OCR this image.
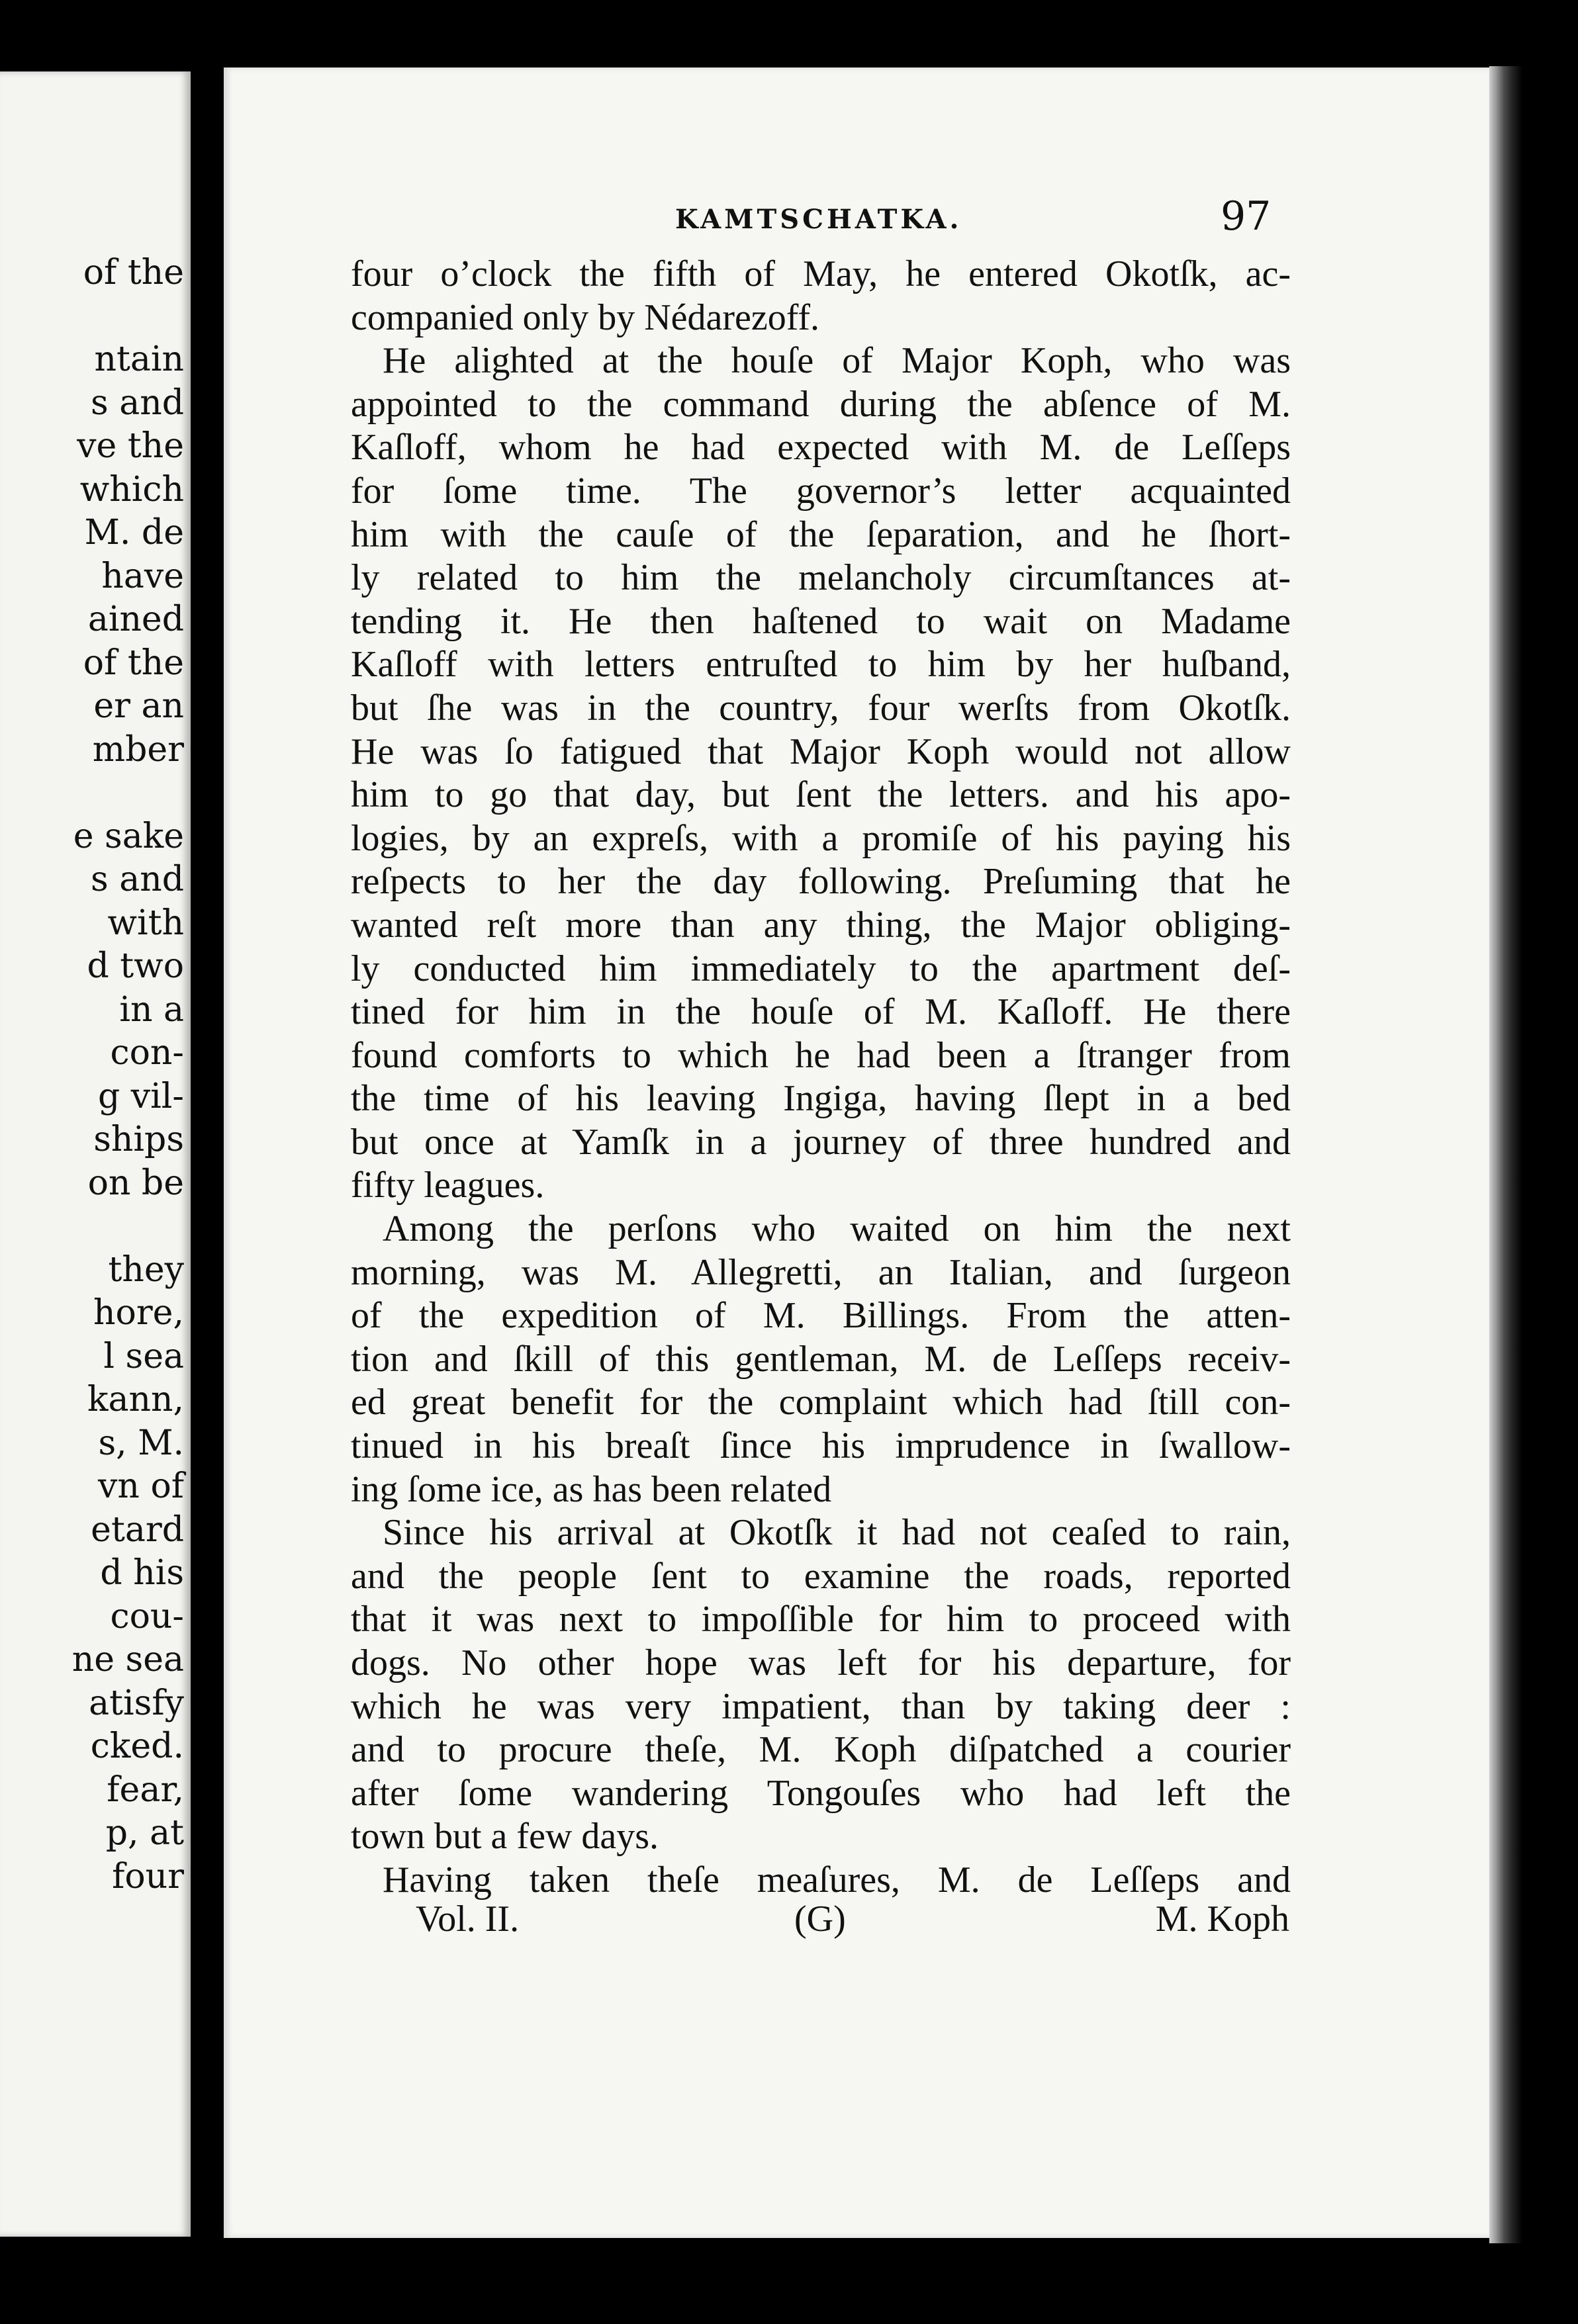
of the
ntain
s and
ve the
which
M. de
have
ained
of the
er an
mber
e sake
s and
with
d two
in a
con-
g vil-
ships
on be
they
hore,
l sea
kann,
s, M.
vn of
etard
d his
cou-
ne sea
atisfy
cked.
fear,
p, at
four
KAMTSCHATKA.	97
four o’clock the fifth of May, he entered Okotſk, ac-
companied only by Nédarezoff.
He alighted at the houſe of Major Koph, who was
appointed to the command during the abſence of M.
Kaſloff, whom he had expected with M. de Leſſeps
for ſome time. The governor’s letter acquainted
him with the cauſe of the ſeparation, and he ſhort-
ly related to him the melancholy circumſtances at-
tending it. He then haſtened to wait on Madame
Kaſloff with letters entruſted to him by her huſband,
but ſhe was in the country, four werſts from Okotſk.
He was ſo fatigued that Major Koph would not allow
him to go that day, but ſent the letters. and his apo-
logies, by an expreſs, with a promiſe of his paying his
reſpects to her the day following. Preſuming that he
wanted reſt more than any thing, the Major obliging-
ly conducted him immediately to the apartment deſ-
tined for him in the houſe of M. Kaſloff. He there
found comforts to which he had been a ſtranger from
the time of his leaving Ingiga, having ſlept in a bed
but once at Yamſk in a journey of three hundred and
fifty leagues.
Among the perſons who waited on him the next
morning, was M. Allegretti, an Italian, and ſurgeon
of the expedition of M. Billings. From the atten-
tion and ſkill of this gentleman, M. de Leſſeps receiv-
ed great benefit for the complaint which had ſtill con-
tinued in his breaſt ſince his imprudence in ſwallow-
ing ſome ice, as has been related
Since his arrival at Okotſk it had not ceaſed to rain,
and the people ſent to examine the roads, reported
that it was next to impoſſible for him to proceed with
dogs. No other hope was left for his departure, for
which he was very impatient, than by taking deer :
and to procure theſe, M. Koph diſpatched a courier
after ſome wandering Tongouſes who had left the
town but a few days.
Having taken theſe meaſures, M. de Leſſeps and
Vol. II.	(G)	M. Koph
